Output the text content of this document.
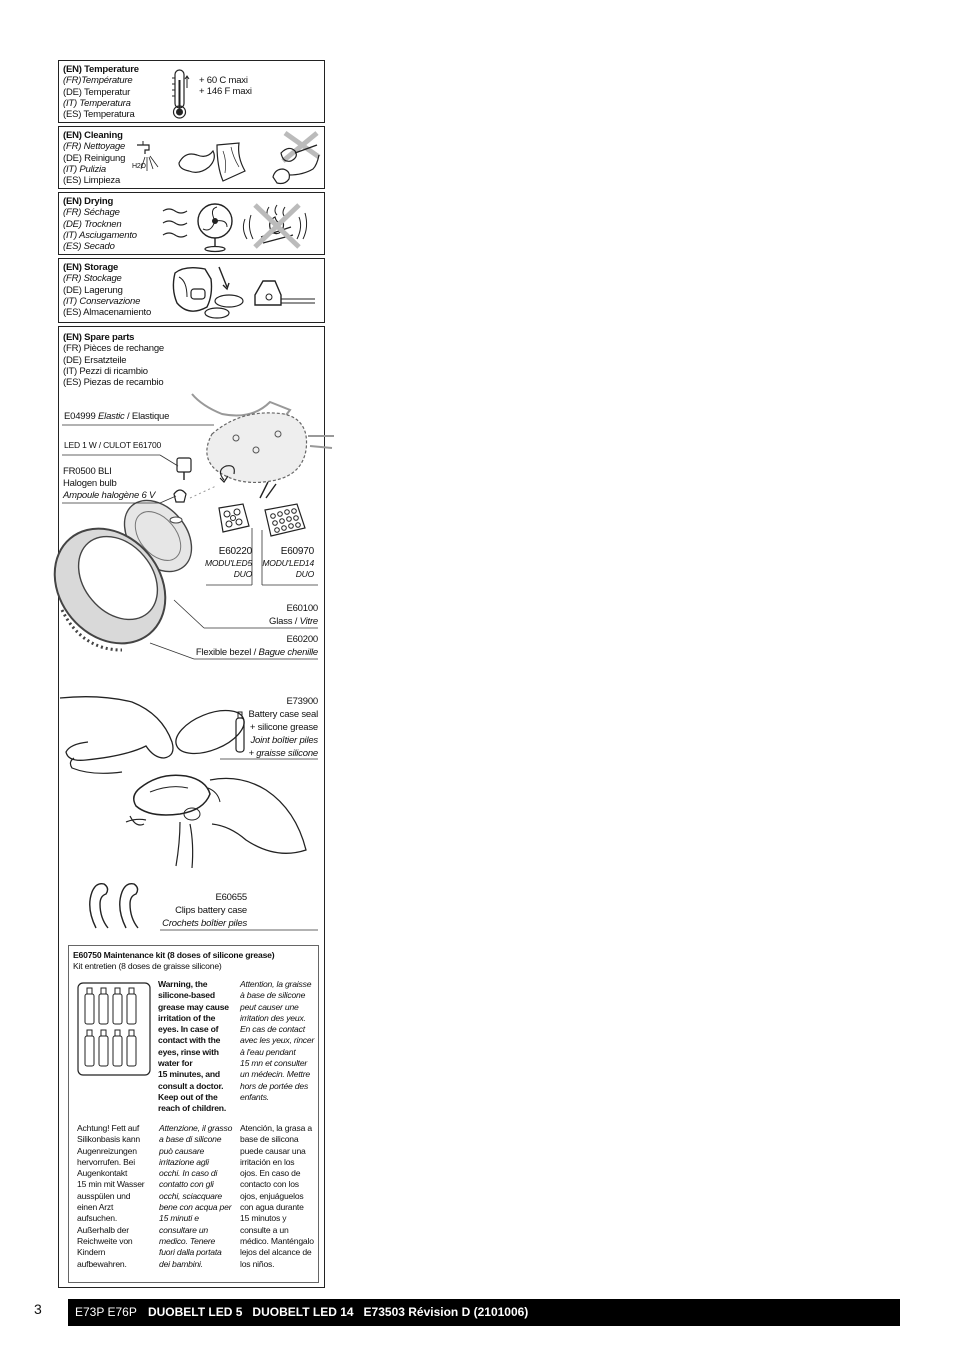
(EN) Temperature
(FR)Température
(DE) Temperatur
(IT) Temperatura
(ES) Temperatura
+ 60 C maxi
+ 146 F maxi
(EN) Cleaning
(FR) Nettoyage
(DE) Reinigung
(IT) Pulizia
(ES) Limpieza
H2O
(EN) Drying
(FR) Séchage
(DE) Trocknen
(IT) Asciugamento
(ES) Secado
(EN) Storage
(FR) Stockage
(DE) Lagerung
(IT) Conservazione
(ES) Almacenamiento
(EN) Spare parts
(FR) Pièces de rechange
(DE) Ersatzteile
(IT) Pezzi di ricambio
(ES) Piezas de recambio
E04999 Elastic / Elastique
LED 1 W / CULOT E61700
FR0500 BLI
Halogen bulb
Ampoule halogène 6 V
E60220
MODU'LED5
DUO
E60970
MODU'LED14
DUO
E60100
Glass / Vitre
E60200
Flexible bezel / Bague chenille
E73900
Battery case seal
+ silicone grease
Joint boîtier piles
+ graisse silicone
E60655
Clips battery case
Crochets boîtier piles
E60750 Maintenance kit (8 doses of silicone grease)
Kit entretien (8 doses de graisse silicone)
Warning, the
silicone-based
grease may cause
irritation of the
eyes. In case of
contact with the
eyes, rinse with
water for
15 minutes, and
consult a doctor.
Keep out of the
reach of children.
Attention, la graisse
à base de silicone
peut causer une
irritation des yeux.
En cas de contact
avec les yeux, rincer
à l'eau pendant
15 mn et consulter
un médecin. Mettre
hors de portée des
enfants.
Achtung! Fett auf
Silikonbasis kann
Augenreizungen
hervorrufen. Bei
Augenkontakt
15 min mit Wasser
ausspülen und
einen Arzt
aufsuchen.
Außerhalb der
Reichweite von
Kindern
aufbewahren.
Attenzione, il grasso
a base di silicone
può causare
irritazione agli
occhi. In caso di
contatto con gli
occhi, sciacquare
bene con acqua per
15 minuti e
consultare un
medico. Tenere
fuori dalla portata
dei bambini.
Atención, la grasa a
base de silicona
puede causar una
irritación en los
ojos. En caso de
contacto con los
ojos, enjuáguelos
con agua durante
15 minutos y
consulte a un
médico. Manténgalo
lejos del alcance de
los niños.
3	E73P E76P DUOBELT LED 5   DUOBELT LED 14   E73503 Révision D (2101006)
